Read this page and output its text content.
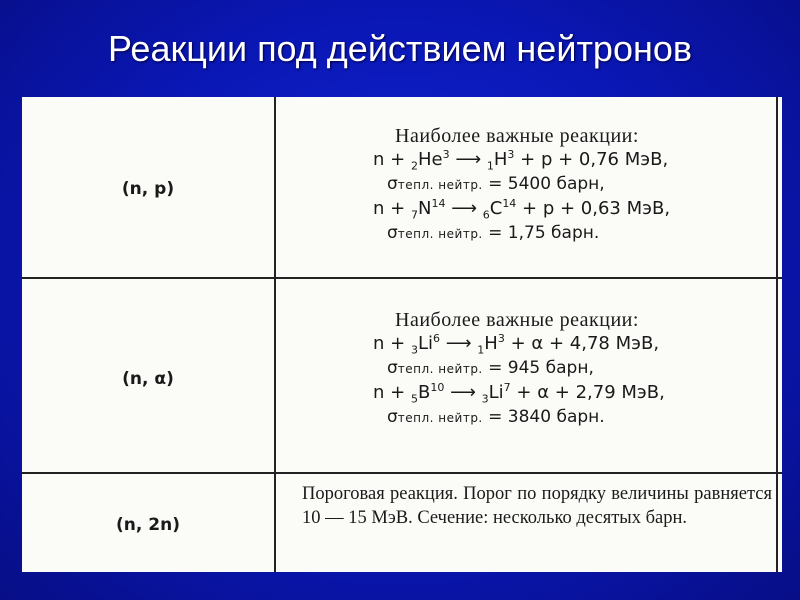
Реакции под действием нейтронов
(n, p)
Наиболее важные реакции:
$n + _2He^3$ ⟶ $_1H^3 + p + 0,76$ МэВ,
σтепл. нейтр. = 5400 барн,
$n + _7N^{14}$ ⟶ $_6C^{14} + p + 0,63$ МэВ,
σтепл. нейтр. = 1,75 барн.
(n, α)
Наиболее важные реакции:
$n + _3Li^6$ ⟶ $_1H^3 + \alpha + 4,78$ МэВ,
σтепл. нейтр. = 945 барн,
$n + _5B^{10}$ ⟶ $_3Li^7 + \alpha + 2,79$ МэВ,
σтепл. нейтр. = 3840 барн.
(n, 2n)
Пороговая реакция. Порог по порядку величины равняется 10 — 15 МэВ. Сечение: несколько десятых барн.
